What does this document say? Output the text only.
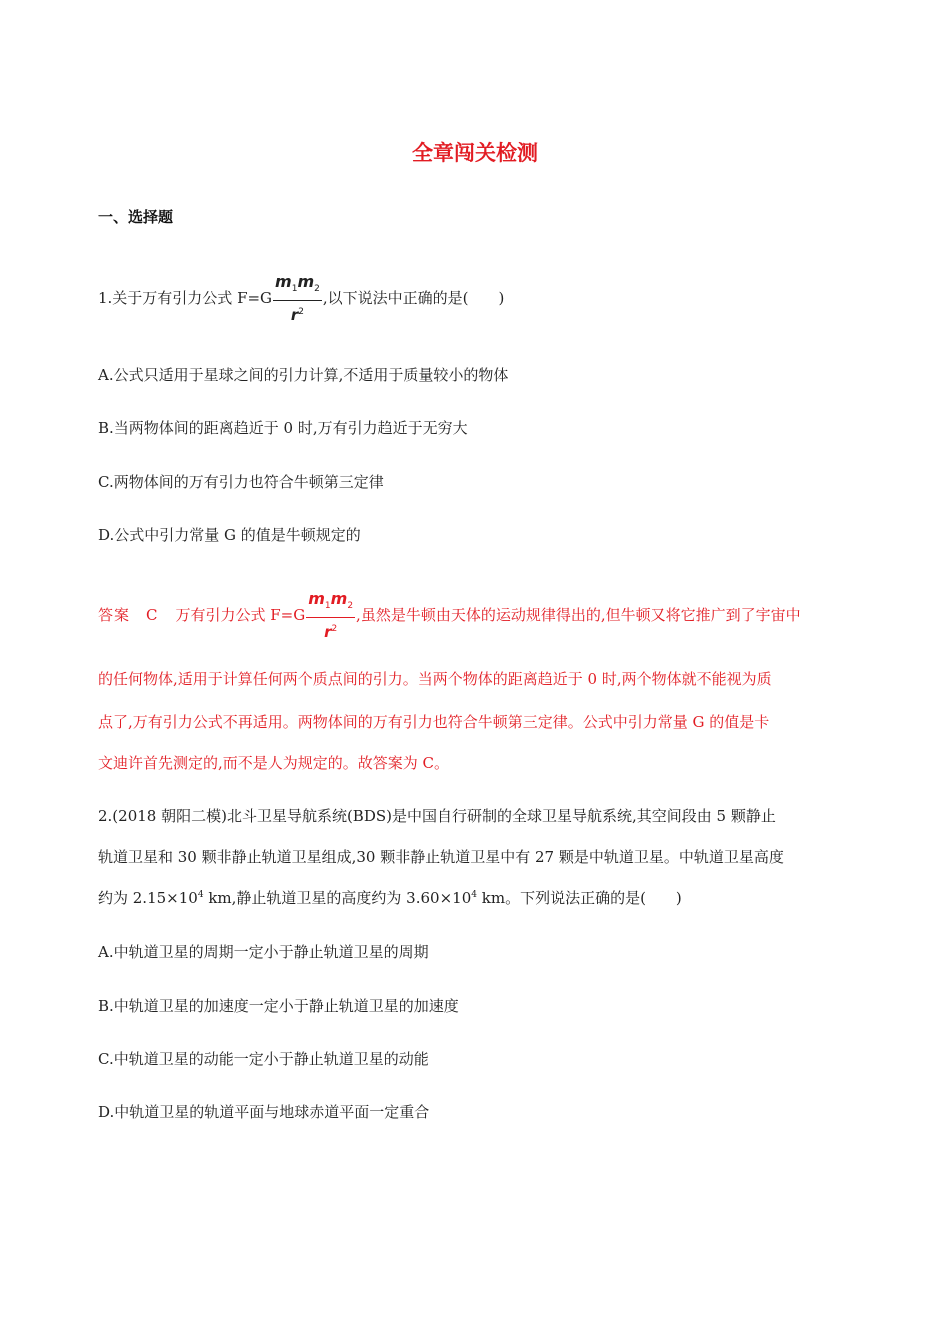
全章闯关检测
一、选择题
1.关于万有引力公式 $F=G \frac{m_1m_2}{r^2}$ ,以下说法中正确的是(　　)
A.公式只适用于星球之间的引力计算,不适用于质量较小的物体
B.当两物体间的距离趋近于 0 时,万有引力趋近于无穷大
C.两物体间的万有引力也符合牛顿第三定律
D.公式中引力常量 G 的值是牛顿规定的
答案 C 万有引力公式 $F=G \frac{m_1m_2}{r^2}$ ,虽然是牛顿由天体的运动规律得出的,但牛顿又将它推广到了宇宙中
的任何物体,适用于计算任何两个质点间的引力。当两个物体的距离趋近于 0 时,两个物体就不能视为质
点了,万有引力公式不再适用。两物体间的万有引力也符合牛顿第三定律。公式中引力常量 G 的值是卡
文迪许首先测定的,而不是人为规定的。故答案为 C。
2.(2018 朝阳二模)北斗卫星导航系统(BDS)是中国自行研制的全球卫星导航系统,其空间段由 5 颗静止
轨道卫星和 30 颗非静止轨道卫星组成,30 颗非静止轨道卫星中有 27 颗是中轨道卫星。中轨道卫星高度
约为 $2.15\times 10^4$ km,静止轨道卫星的高度约为 $3.60\times 10^4$ km。下列说法正确的是(　　)
A.中轨道卫星的周期一定小于静止轨道卫星的周期
B.中轨道卫星的加速度一定小于静止轨道卫星的加速度
C.中轨道卫星的动能一定小于静止轨道卫星的动能
D.中轨道卫星的轨道平面与地球赤道平面一定重合
